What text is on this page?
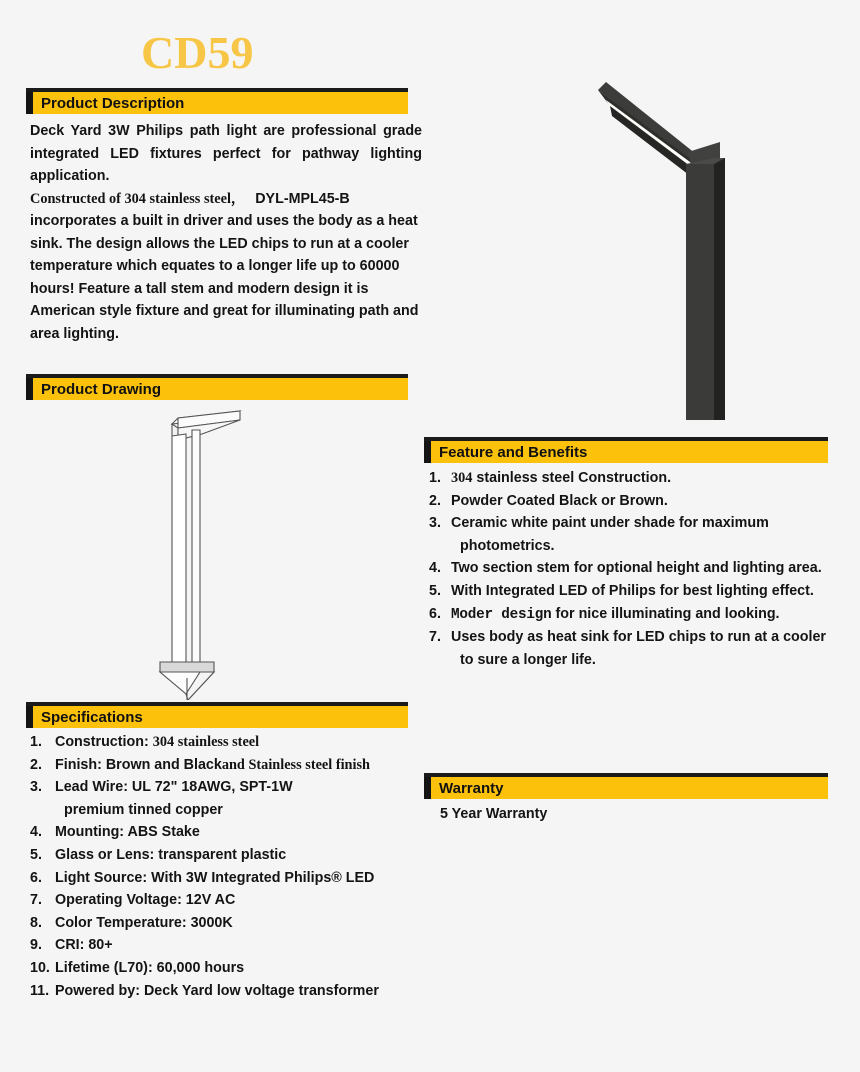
CD59
Product Description

Deck Yard 3W Philips path light are professional grade integrated LED fixtures perfect for pathway lighting application.

Constructed of 304 stainless steel， DYL-MPL45-B incorporates a built in driver and uses the body as a heat sink. The design allows the LED chips to run at a cooler temperature which equates to a longer life up to 60000 hours! Feature a tall stem and modern design it is American style fixture and great for illuminating path and area lighting.

Product Drawing
Feature and Benefits
1. 304 stainless steel Construction.
2. Powder Coated Black or Brown.
3. Ceramic white paint under shade for maximum
photometrics.
4. Two section stem for optional height and lighting area.
5. With Integrated LED of Philips for best lighting effect.
6. Moder design for nice illuminating and looking.
7. Uses body as heat sink for LED chips to run at a cooler
to sure a longer life.
Specifications
1. Construction: 304 stainless steel
2. Finish: Brown and Blackand Stainless steel finish
3. Lead Wire: UL 72" 18AWG, SPT-1W
premium tinned copper
4. Mounting: ABS Stake
5. Glass or Lens: transparent plastic
6. Light Source: With 3W Integrated Philips® LED
7. Operating Voltage: 12V AC
8. Color Temperature: 3000K
9. CRI: 80+
10. Lifetime (L70): 60,000 hours
11. Powered by: Deck Yard low voltage transformer
Warranty
5 Year Warranty
